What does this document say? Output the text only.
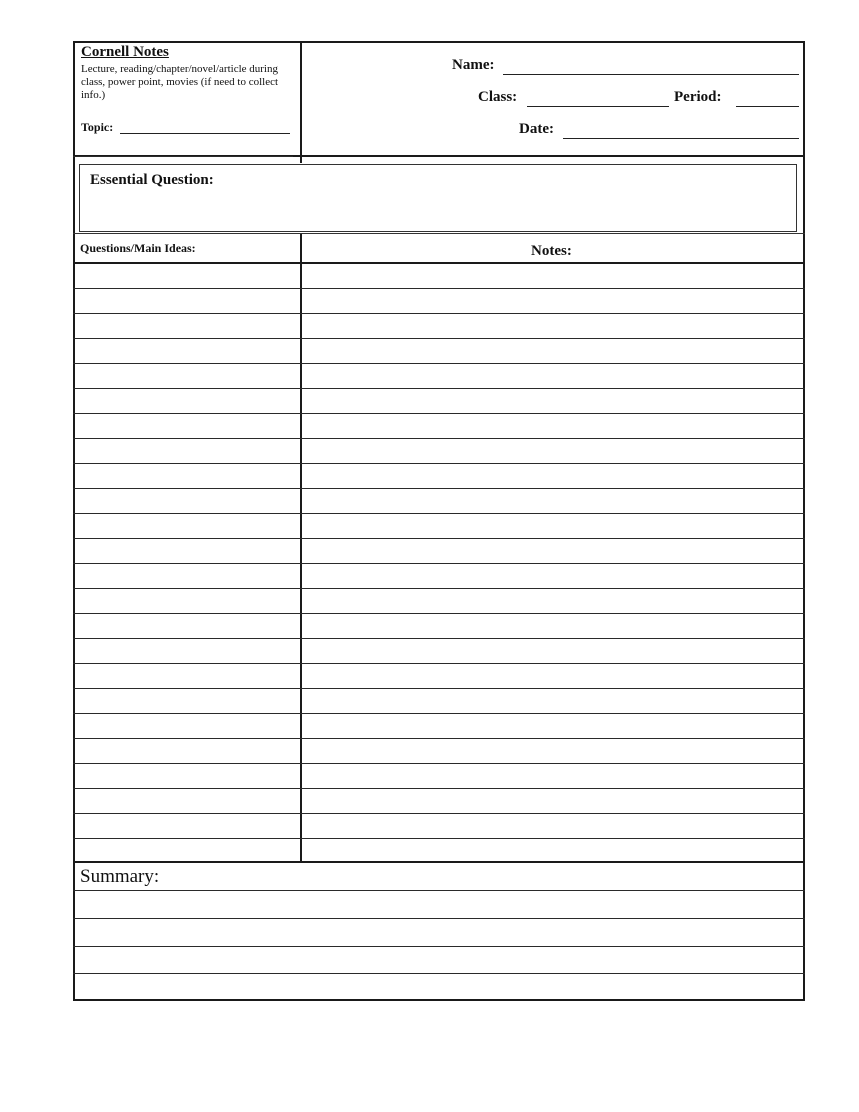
Cornell Notes
Lecture, reading/chapter/novel/article during class, power point, movies (if need to collect info.)
Topic:
Name:
Class:	Period:
Date:
Essential Question:
Questions/Main Ideas:	Notes:
Summary:
